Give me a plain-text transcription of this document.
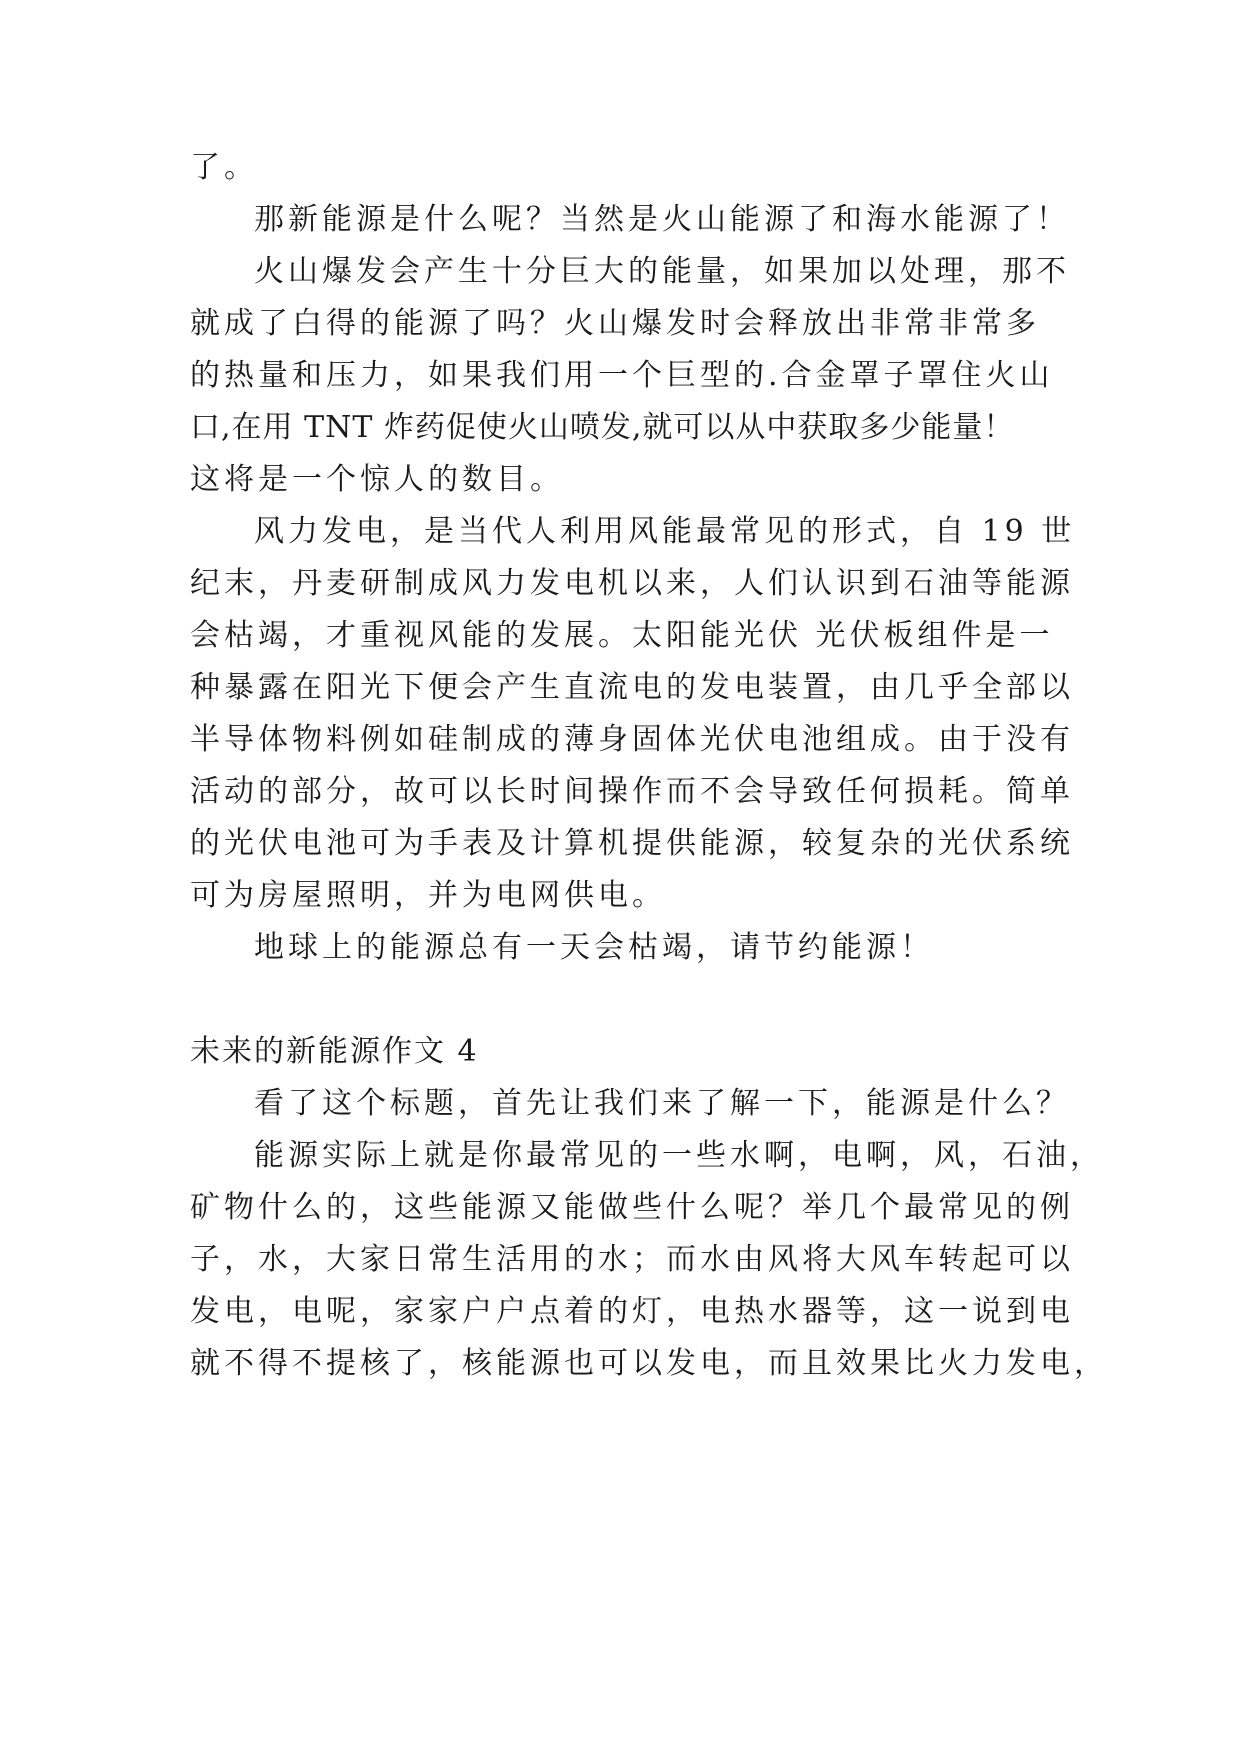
了。
那新能源是什么呢？当然是火山能源了和海水能源了！
火山爆发会产生十分巨大的能量，如果加以处理，那不
就成了白得的能源了吗？火山爆发时会释放出非常非常多
的热量和压力，如果我们用一个巨型的.合金罩子罩住火山
口,在用 TNT 炸药促使火山喷发,就可以从中获取多少能量！
这将是一个惊人的数目。
风力发电，是当代人利用风能最常见的形式，自 19 世
纪末，丹麦研制成风力发电机以来，人们认识到石油等能源
会枯竭，才重视风能的发展。太阳能光伏 光伏板组件是一
种暴露在阳光下便会产生直流电的发电装置，由几乎全部以
半导体物料例如硅制成的薄身固体光伏电池组成。由于没有
活动的部分，故可以长时间操作而不会导致任何损耗。简单
的光伏电池可为手表及计算机提供能源，较复杂的光伏系统
可为房屋照明，并为电网供电。
地球上的能源总有一天会枯竭，请节约能源！
未来的新能源作文 4
看了这个标题，首先让我们来了解一下，能源是什么？
能源实际上就是你最常见的一些水啊，电啊，风，石油，
矿物什么的，这些能源又能做些什么呢？举几个最常见的例
子，水，大家日常生活用的水；而水由风将大风车转起可以
发电，电呢，家家户户点着的灯，电热水器等，这一说到电
就不得不提核了，核能源也可以发电，而且效果比火力发电，
